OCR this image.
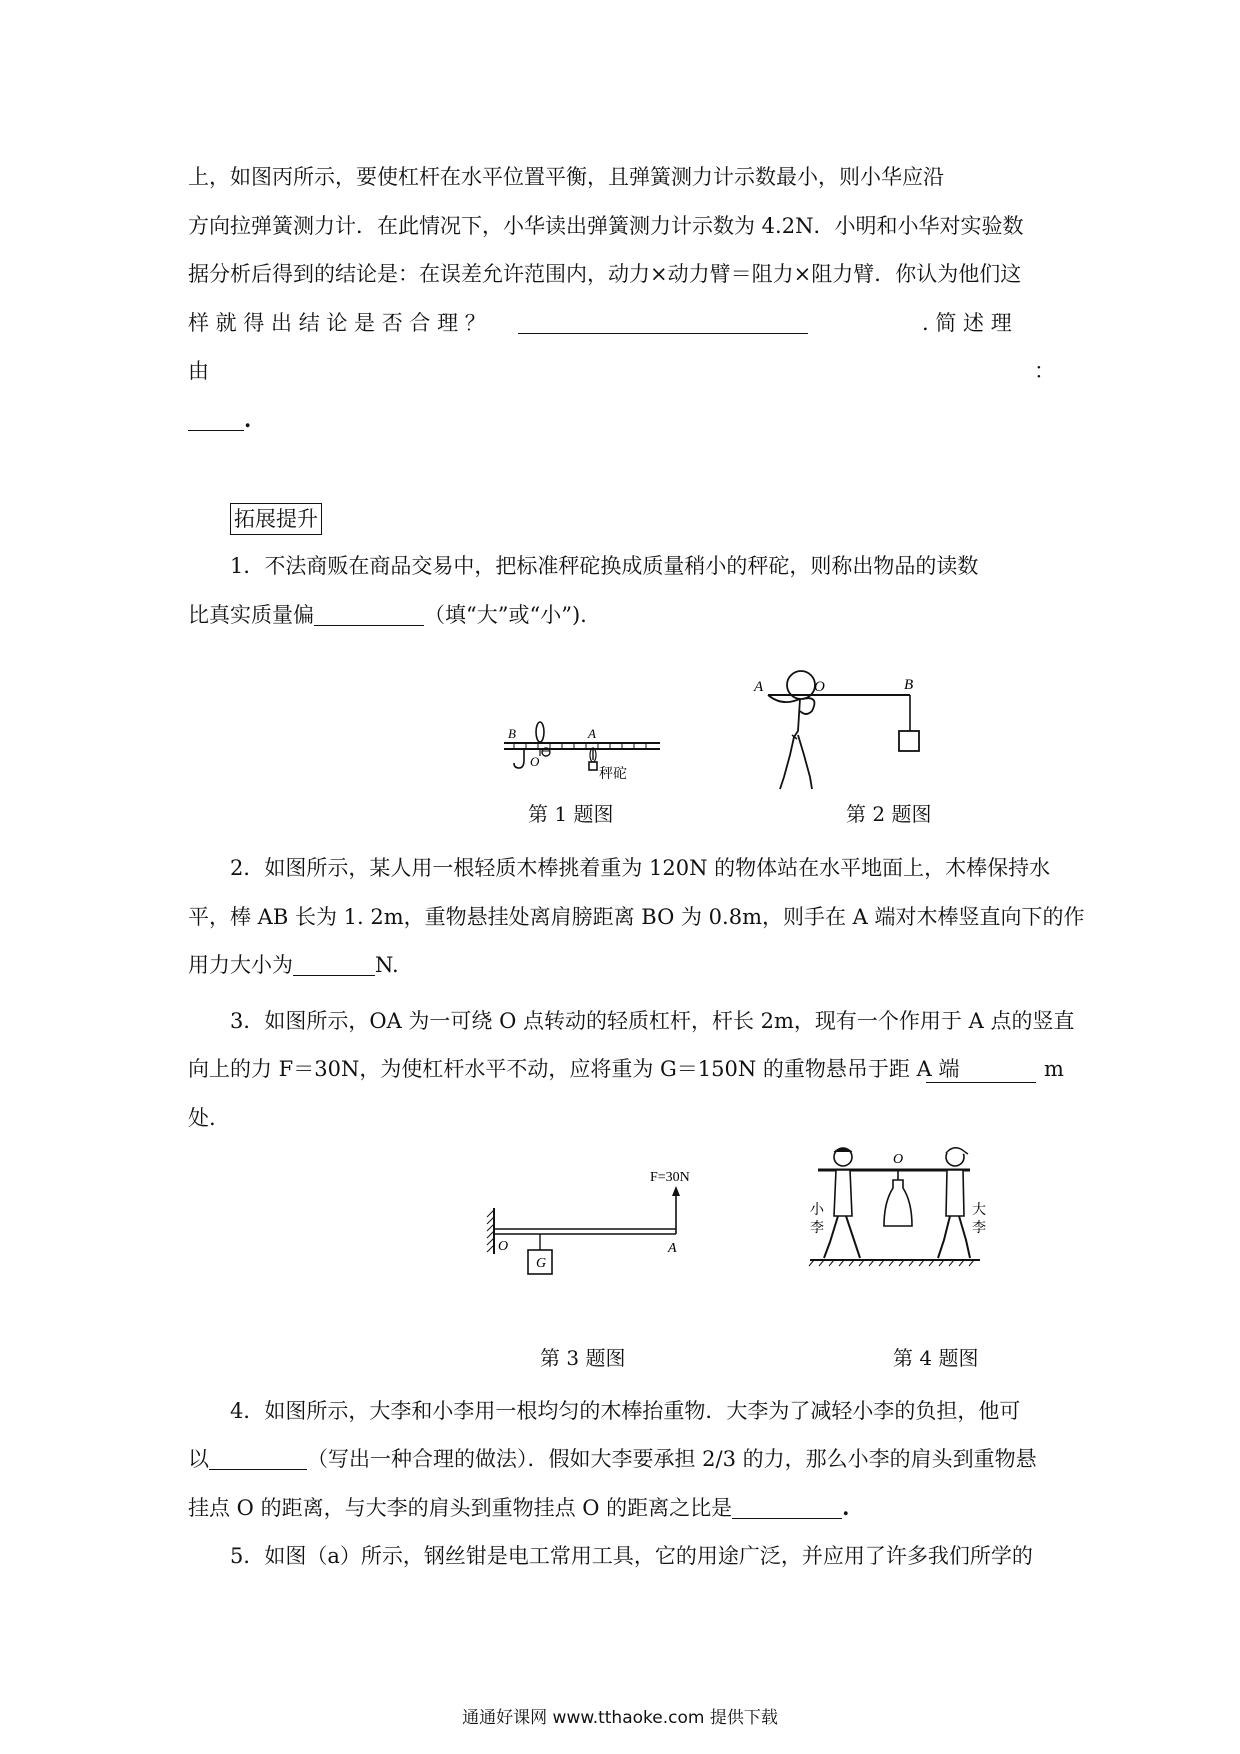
上，如图丙所示，要使杠杆在水平位置平衡，且弹簧测力计示数最小，则小华应沿
方向拉弹簧测力计．在此情况下，小华读出弹簧测力计示数为 4.2N．小明和小华对实验数
据分析后得到的结论是：在误差允许范围内，动力×动力臂＝阻力×阻力臂．你认为他们这
样 就 得 出 结 论 是 否 合 理 ？	. 简 述 理
由	：
.
拓展提升
1．不法商贩在商品交易中，把标准秤砣换成质量稍小的秤砣，则称出物品的读数
比真实质量偏	（填“大”或“小”).
B	A
O
秤砣
第 1 题图
A	O	B
第 2 题图
2．如图所示，某人用一根轻质木棒挑着重为 120N 的物体站在水平地面上，木棒保持水
平，棒 AB 长为 1. 2m，重物悬挂处离肩膀距离 BO 为 0.8m，则手在 A 端对木棒竖直向下的作
用力大小为	N.
3．如图所示，OA 为一可绕 O 点转动的轻质杠杆，杆长 2m，现有一个作用于 A 点的竖直
向上的力 F＝30N，为使杠杆水平不动，应将重为 G＝150N 的重物悬吊于距 A 端	m
处.
F=30N
O	A
G
第 3 题图
O
小
李
大
李
第 4 题图
4．如图所示，大李和小李用一根均匀的木棒抬重物．大李为了减轻小李的负担，他可
以	（写出一种合理的做法）．假如大李要承担 2/3 的力，那么小李的肩头到重物悬
挂点 O 的距离，与大李的肩头到重物挂点 O 的距离之比是	.
5．如图（a）所示，钢丝钳是电工常用工具，它的用途广泛，并应用了许多我们所学的
通通好课网 www.tthaoke.com 提供下载
